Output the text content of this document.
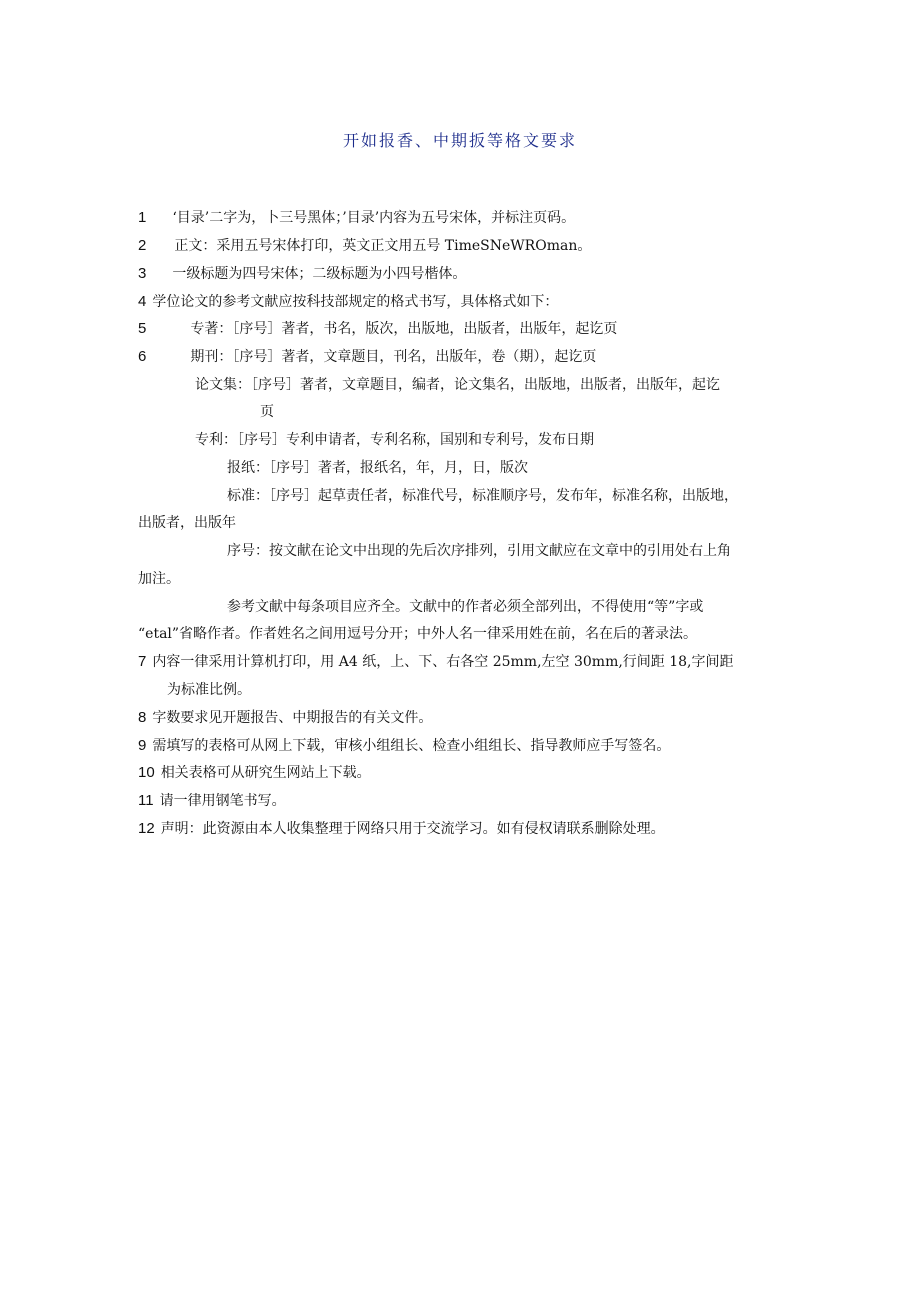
开如报香、中期扳等格文要求
1 ‘目录’二字为，卜三号黑体；’目录’内容为五号宋体，并标注页码。
2 正文：采用五号宋体打印，英文正文用五号 TimeSNeWROman。
3 一级标题为四号宋体；二级标题为小四号楷体。
4 学位论文的参考文献应按科技部规定的格式书写，具体格式如下：
5	专著：［序号］著者，书名，版次，出版地，出版者，出版年，起讫页
6	期刊：［序号］著者，文章题目，刊名，出版年，卷（期），起讫页
论文集：［序号］著者，文章题目，编者，论文集名，出版地，出版者，出版年，起讫
页
专利：［序号］专利申请者，专利名称，国别和专利号，发布日期
报纸：［序号］著者，报纸名，年，月，日，版次
标准：［序号］起草责任者，标准代号，标准顺序号，发布年，标准名称，出版地，
出版者，出版年
序号：按文献在论文中出现的先后次序排列，引用文献应在文章中的引用处右上角
加注。
参考文献中每条项目应齐全。文献中的作者必须全部列出，不得使用“等”字或
“etal”省略作者。作者姓名之间用逗号分开；中外人名一律采用姓在前，名在后的著录法。
7 内容一律采用计算机打印，用 A4 纸，上、下、右各空 25mm,左空 30mm,行间距 18,字间距
为标准比例。
8 字数要求见开题报告、中期报告的有关文件。
9 需填写的表格可从网上下载，审核小组组长、检查小组组长、指导教师应手写签名。
10 相关表格可从研究生网站上下载。
11 请一律用钢笔书写。
12 声明：此资源由本人收集整理于网络只用于交流学习。如有侵权请联系删除处理。
